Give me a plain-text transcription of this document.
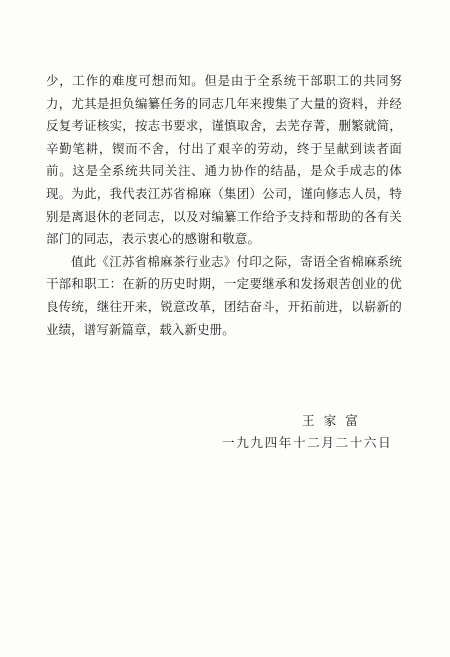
少，工作的难度可想而知。但是由于全系统干部职工的共同努力，尤其是担负编纂任务的同志几年来搜集了大量的资料，并经反复考证核实，按志书要求，谨慎取舍，去芜存菁，删繁就简，辛勤笔耕，锲而不舍，付出了艰辛的劳动，终于呈献到读者面前。这是全系统共同关注、通力协作的结晶，是众手成志的体现。为此，我代表江苏省棉麻（集团）公司，谨向修志人员，特别是离退休的老同志，以及对编纂工作给予支持和帮助的各有关部门的同志，表示衷心的感谢和敬意。

值此《江苏省棉麻茶行业志》付印之际，寄语全省棉麻系统干部和职工：在新的历史时期，一定要继承和发扬艰苦创业的优良传统，继往开来，锐意改革，团结奋斗，开拓前进，以崭新的业绩，谱写新篇章，载入新史册。

王家富
一九九四年十二月二十六日
